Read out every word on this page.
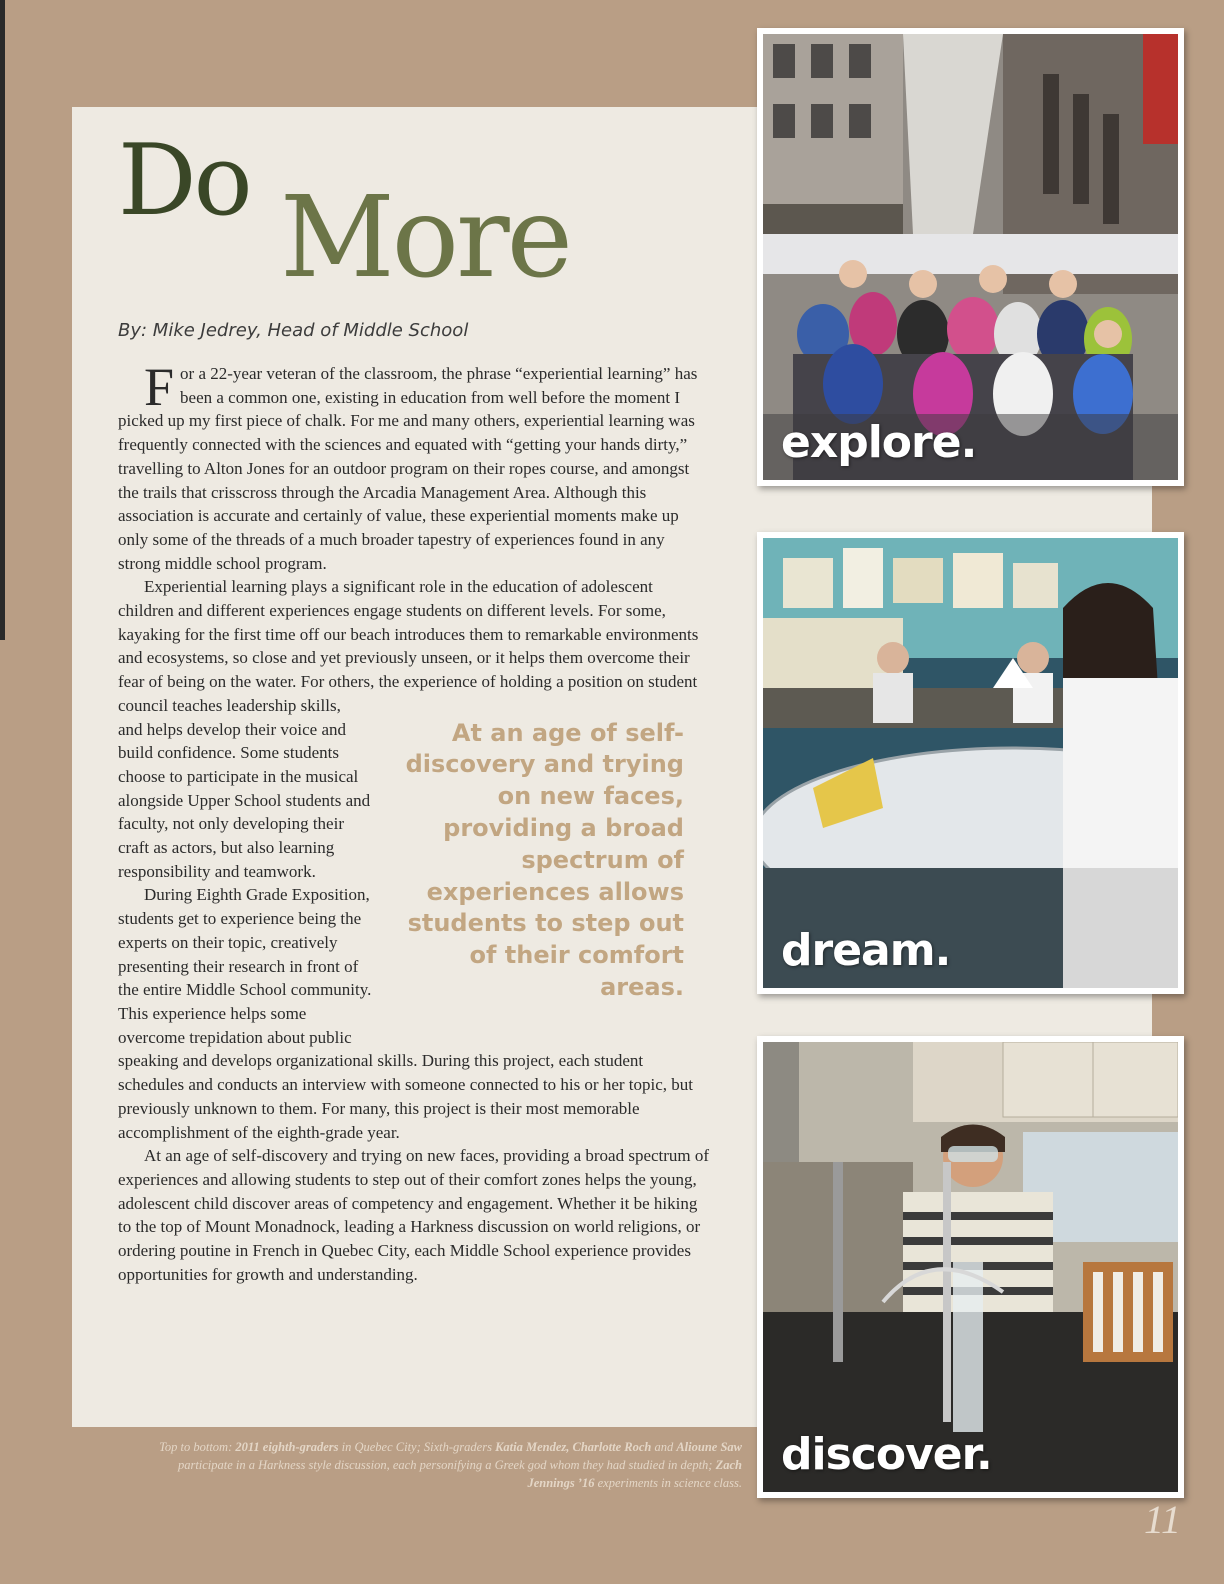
Do More

By: Mike Jedrey, Head of Middle School

For a 22-year veteran of the classroom, the phrase “experiential learning” has been a common one, existing in education from well before the moment I picked up my first piece of chalk. For me and many others, experiential learning was frequently connected with the sciences and equated with “getting your hands dirty,” travelling to Alton Jones for an outdoor program on their ropes course, and amongst the trails that crisscross through the Arcadia Management Area. Although this association is accurate and certainly of value, these experiential moments make up only some of the threads of a much broader tapestry of experiences found in any strong middle school program.

Experiential learning plays a significant role in the education of adolescent children and different experiences engage students on different levels. For some, kayaking for the first time off our beach introduces them to remarkable environments and ecosystems, so close and yet previously unseen, or it helps them overcome their fear of being on the water. For others, the experience of holding a position on student council teaches leadership skills,

At an age of self-discovery and trying on new faces, providing a broad spectrum of experiences allows students to step out of their comfort areas.

and helps develop their voice and build confidence. Some students choose to participate in the musical alongside Upper School students and faculty, not only developing their craft as actors, but also learning responsibility and teamwork.

During Eighth Grade Exposition, students get to experience being the experts on their topic, creatively presenting their research in front of the entire Middle School community. This experience helps some overcome trepidation about public speaking and develops organizational skills. During this project, each student schedules and conducts an interview with someone connected to his or her topic, but previously unknown to them. For many, this project is their most memorable accomplishment of the eighth-grade year.

At an age of self-discovery and trying on new faces, providing a broad spectrum of experiences and allowing students to step out of their comfort zones helps the young, adolescent child discover areas of competency and engagement. Whether it be hiking to the top of Mount Monadnock, leading a Harkness discussion on world religions, or ordering poutine in French in Quebec City, each Middle School experience provides opportunities for growth and understanding.

explore.

dream.

discover.

Top to bottom: 2011 eighth-graders in Quebec City; Sixth-graders Katia Mendez, Charlotte Roch and Alioune Saw participate in a Harkness style discussion, each personifying a Greek god whom they had studied in depth; Zach Jennings ’16 experiments in science class.

11
